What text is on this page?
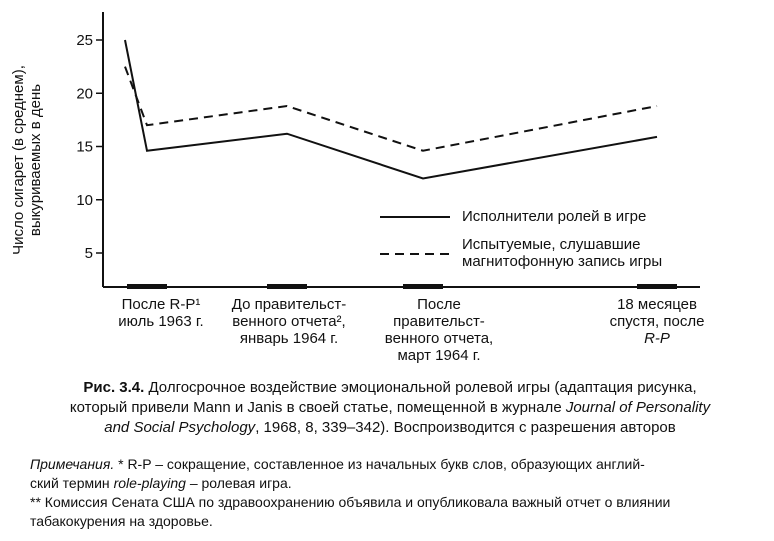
5
10
15
20
25
Число сигарет (в среднем), выкуриваемых в день
После R-P¹
июль 1963 г.
До правительст-
венного отчета²,
январь 1964 г.
После
правительст-
венного отчета,
март 1964 г.
18 месяцев
спустя, после
R-P
Исполнители ролей в игре
Испытуемые, слушавшие
магнитофонную запись игры
Рис. 3.4. Долгосрочное воздействие эмоциональной ролевой игры (адаптация рисунка,
который привели Mann и Janis в своей статье, помещенной в журнале Journal of Personality
and Social Psychology, 1968, 8, 339–342). Воспроизводится с разрешения авторов
Примечания. * R-P – сокращение, составленное из начальных букв слов, образующих англий-
ский термин role-playing – ролевая игра.
** Комиссия Сената США по здравоохранению объявила и опубликовала важный отчет о влиянии
табакокурения на здоровье.
